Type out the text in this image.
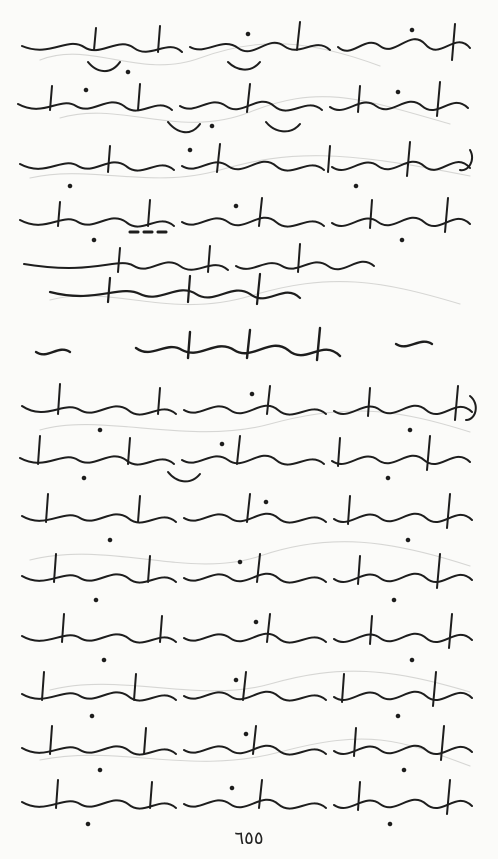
٦٥٥
